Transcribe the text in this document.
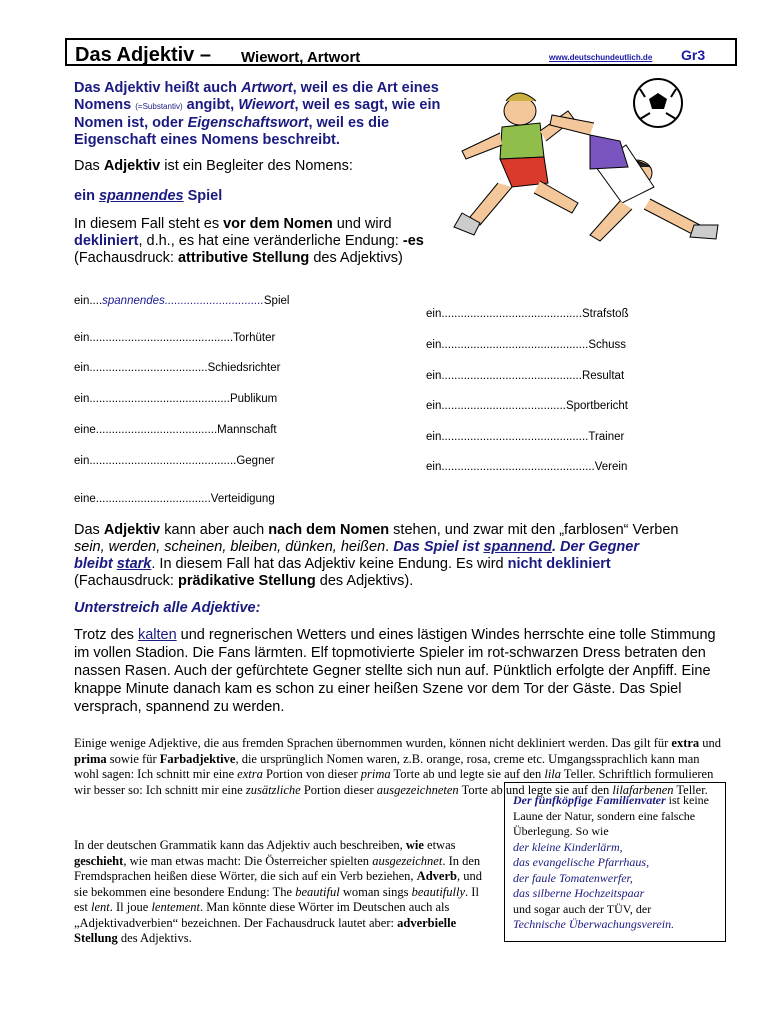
Das Adjektiv – Wiewort, Artwort	www.deutschundeutlich.de Gr3
Das Adjektiv heißt auch Artwort, weil es die Art eines Nomens (=Substantiv) angibt, Wiewort, weil es sagt, wie ein Nomen ist, oder Eigenschaftswort, weil es die Eigenschaft eines Nomens beschreibt.
Das Adjektiv ist ein Begleiter des Nomens:
ein spannendes Spiel
In diesem Fall steht es vor dem Nomen und wird
dekliniert, d.h., es hat eine veränderliche Endung: -es
(Fachausdruck: attributive Stellung des Adjektivs)
ein....spannendes...............................Spiel
ein.............................................Torhüter
ein.....................................Schiedsrichter
ein............................................Publikum
eine......................................Mannschaft
ein..............................................Gegner
eine....................................Verteidigung
ein............................................Strafstoß
ein..............................................Schuss
ein............................................Resultat
ein.......................................Sportbericht
ein..............................................Trainer
ein................................................Verein
Das Adjektiv kann aber auch nach dem Nomen stehen, und zwar mit den „farblosen“ Verben
sein, werden, scheinen, bleiben, dünken, heißen. Das Spiel ist spannend. Der Gegner
bleibt stark. In diesem Fall hat das Adjektiv keine Endung. Es wird nicht dekliniert
(Fachausdruck: prädikative Stellung des Adjektivs).
Unterstreich alle Adjektive:
Trotz des kalten und regnerischen Wetters und eines lästigen Windes herrschte eine tolle Stimmung im vollen Stadion. Die Fans lärmten. Elf topmotivierte Spieler im rot-schwarzen Dress betraten den nassen Rasen. Auch der gefürchtete Gegner stellte sich nun auf. Pünktlich erfolgte der Anpfiff. Eine knappe Minute danach kam es schon zu einer heißen Szene vor dem Tor der Gäste. Das Spiel versprach, spannend zu werden.
Einige wenige Adjektive, die aus fremden Sprachen übernommen wurden, können nicht dekliniert werden. Das gilt für extra und prima sowie für Farbadjektive, die ursprünglich Nomen waren, z.B. orange, rosa, creme etc. Umgangssprachlich kann man wohl sagen: Ich schnitt mir eine extra Portion von dieser prima Torte ab und legte sie auf den lila Teller. Schriftlich formulieren wir besser so: Ich schnitt mir eine zusätzliche Portion dieser ausgezeichneten Torte ab und legte sie auf den lilafarbenen Teller.
Der fünfköpfige Familienvater ist keine Laune der Natur, sondern eine falsche Überlegung. So wie
der kleine Kinderlärm,
das evangelische Pfarrhaus,
der faule Tomatenwerfer,
das silberne Hochzeitspaar
und sogar auch der TÜV, der
Technische Überwachungsverein.
In der deutschen Grammatik kann das Adjektiv auch beschreiben, wie etwas geschieht, wie man etwas macht: Die Österreicher spielten ausgezeichnet. In den Fremdsprachen heißen diese Wörter, die sich auf ein Verb beziehen, Adverb, und sie bekommen eine besondere Endung: The beautiful woman sings beautifully. Il est lent. Il joue lentement. Man könnte diese Wörter im Deutschen auch als „Adjektivadverbien“ bezeichnen. Der Fachausdruck lautet aber: adverbielle Stellung des Adjektivs.
